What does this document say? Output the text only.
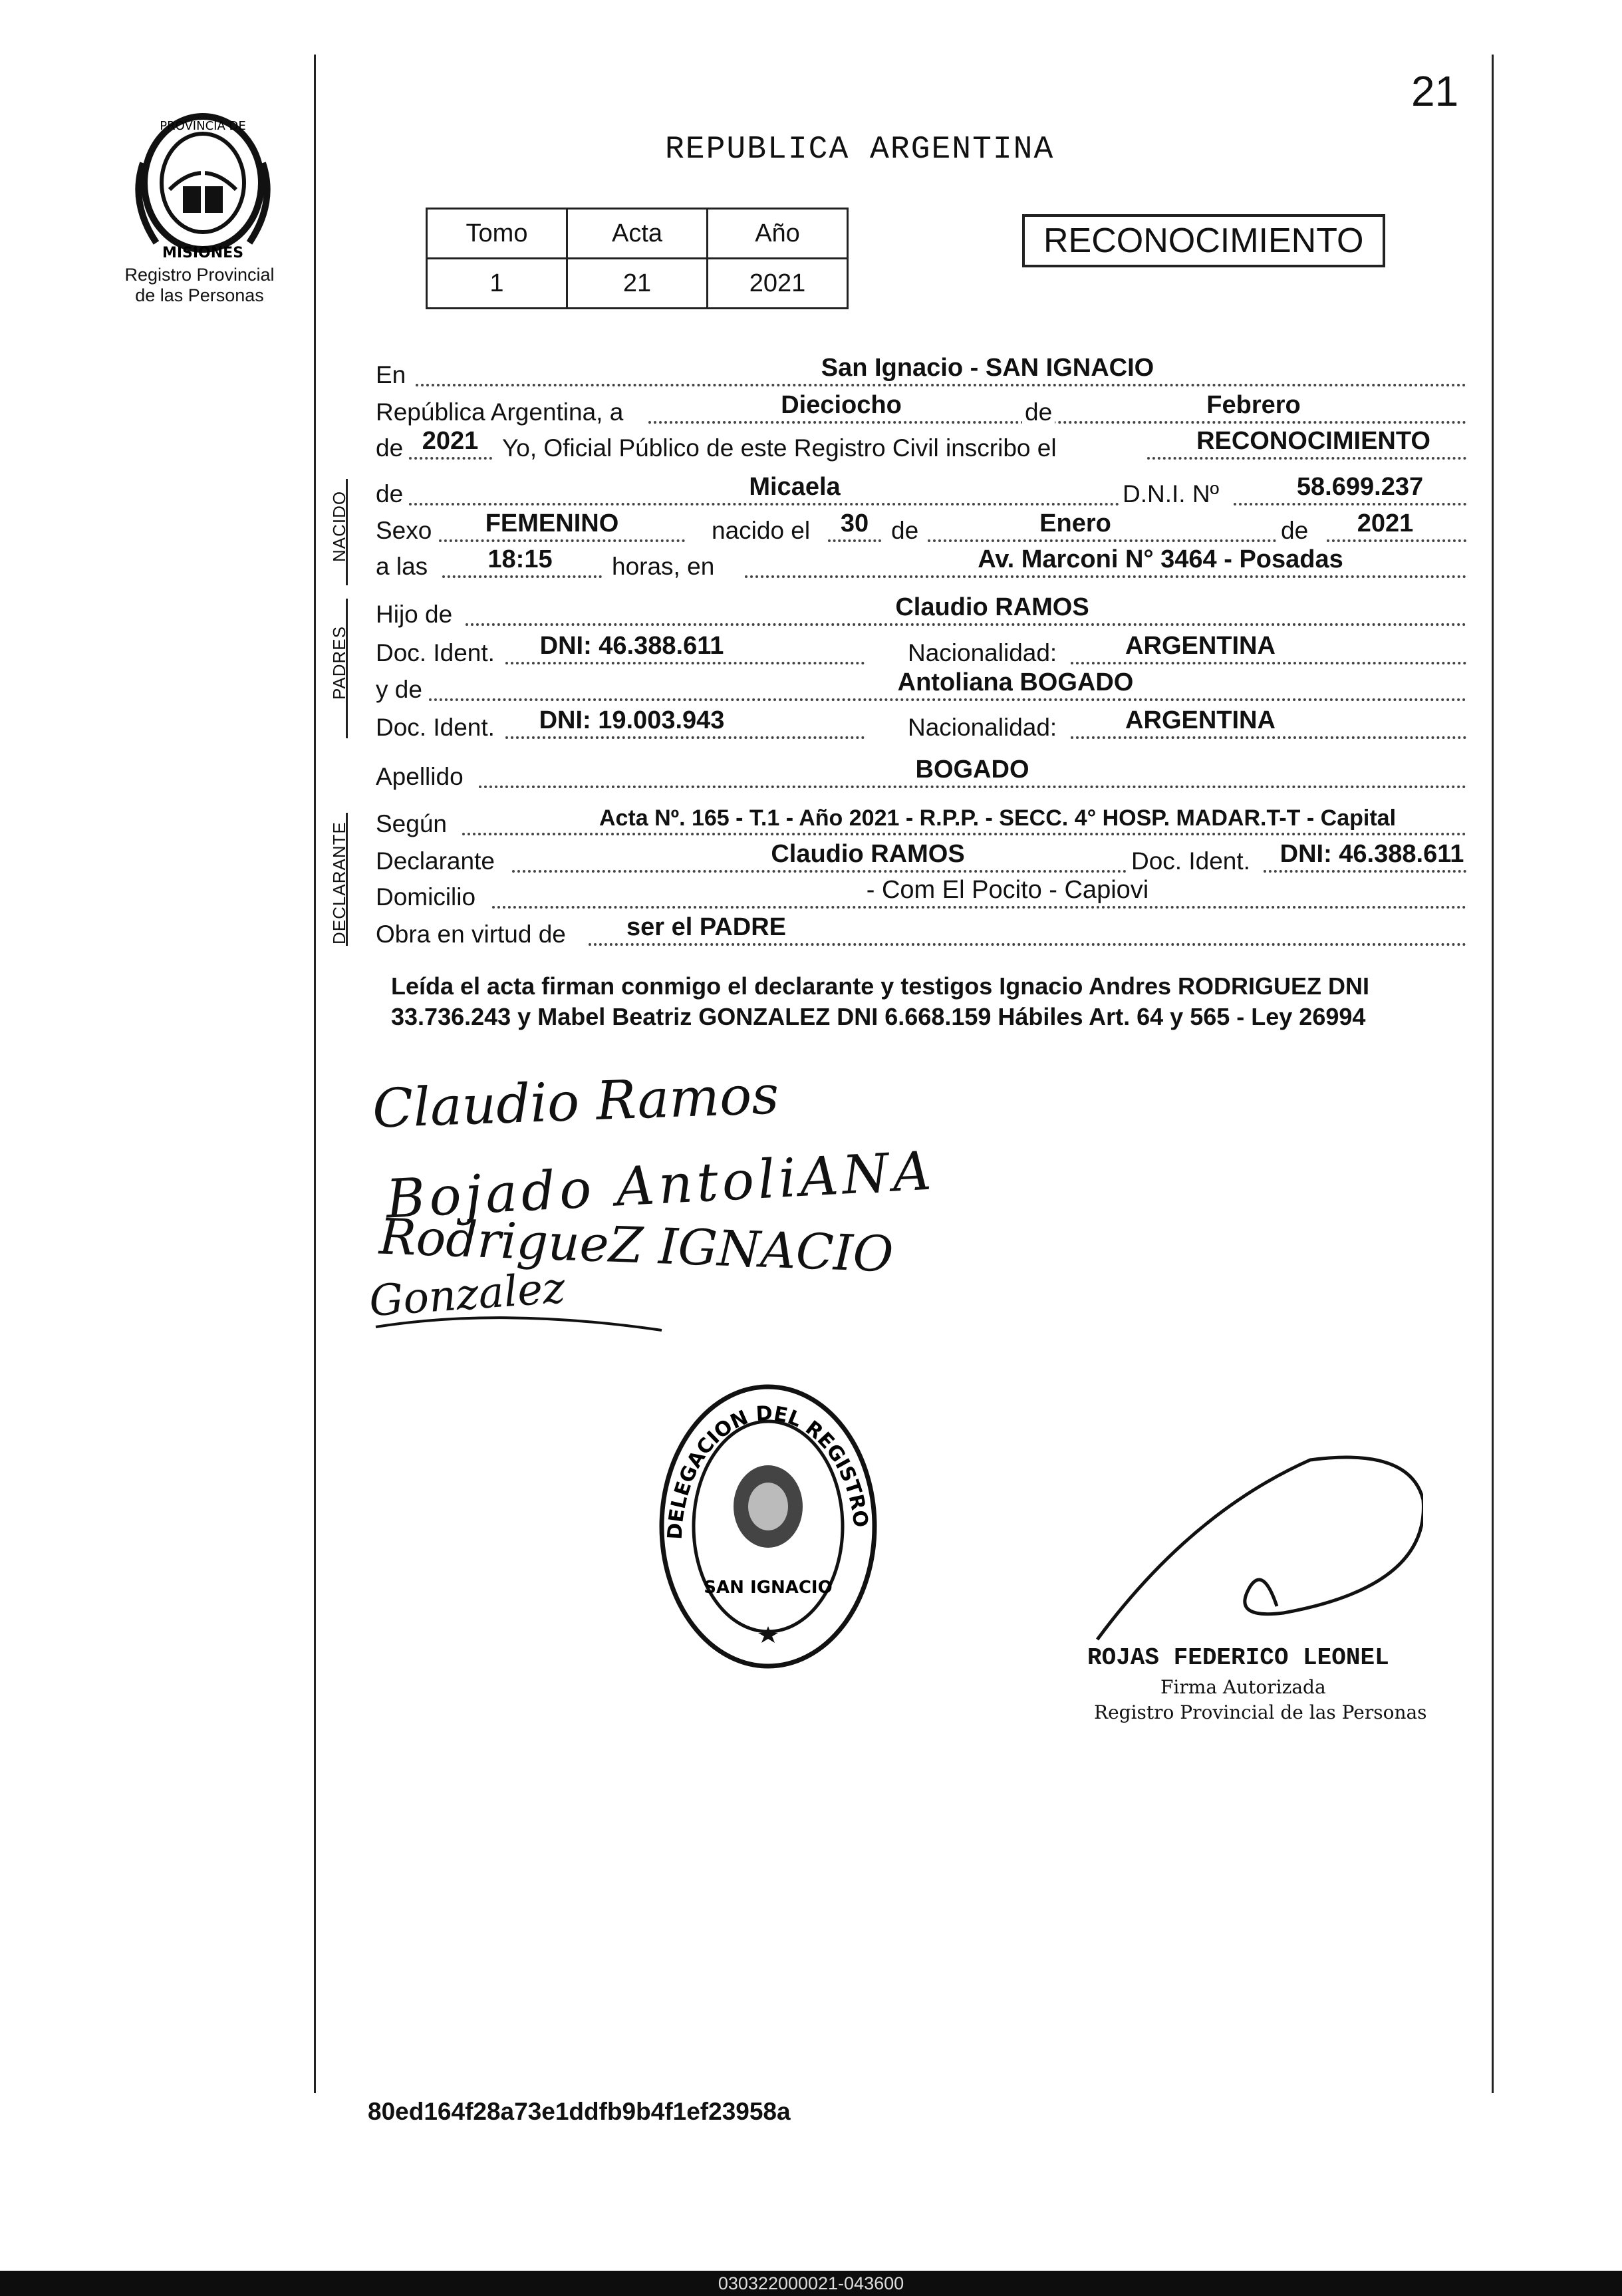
21
PROVINCIA DE
MISIONES
Registro Provincial
de las Personas
REPUBLICA ARGENTINA
Tomo	Acta	Año
1	21	2021
RECONOCIMIENTO
En	San Ignacio - SAN IGNACIO
República Argentina, a	Dieciocho	de	Febrero
de 2021 Yo, Oficial Público de este Registro Civil inscribo el	RECONOCIMIENTO
NACIDO de	Micaela	D.N.I. Nº	58.699.237
Sexo FEMENINO	nacido el 30 de	Enero	de 2021
a las 18:15 horas, en	Av. Marconi N° 3464 - Posadas
PADRES
Hijo de	Claudio RAMOS
Doc. Ident. DNI: 46.388.611	Nacionalidad:	ARGENTINA
y de	Antoliana BOGADO
Doc. Ident. DNI: 19.003.943	Nacionalidad:	ARGENTINA
Apellido	BOGADO
DECLARANTE Según	Acta Nº. 165 - T.1 - Año 2021 - R.P.P. - SECC. 4° HOSP. MADAR.T-T - Capital
Declarante	Claudio RAMOS	Doc. Ident. DNI: 46.388.611
Domicilio	- Com El Pocito - Capiovi
Obra en virtud de ser el PADRE
Leída el acta firman conmigo el declarante y testigos Ignacio Andres RODRIGUEZ DNI 33.736.243 y Mabel Beatriz GONZALEZ DNI 6.668.159 Hábiles Art. 64 y 565 - Ley 26994
Claudio Ramos
Bojado AntoliANA
RodrigueZ IGNACIO
Gonzalez
DELEGACION DEL REGISTRO
SAN IGNACIO
ROJAS FEDERICO LEONEL
Firma Autorizada
Registro Provincial de las Personas
80ed164f28a73e1ddfb9b4f1ef23958a
030322000021-043600
